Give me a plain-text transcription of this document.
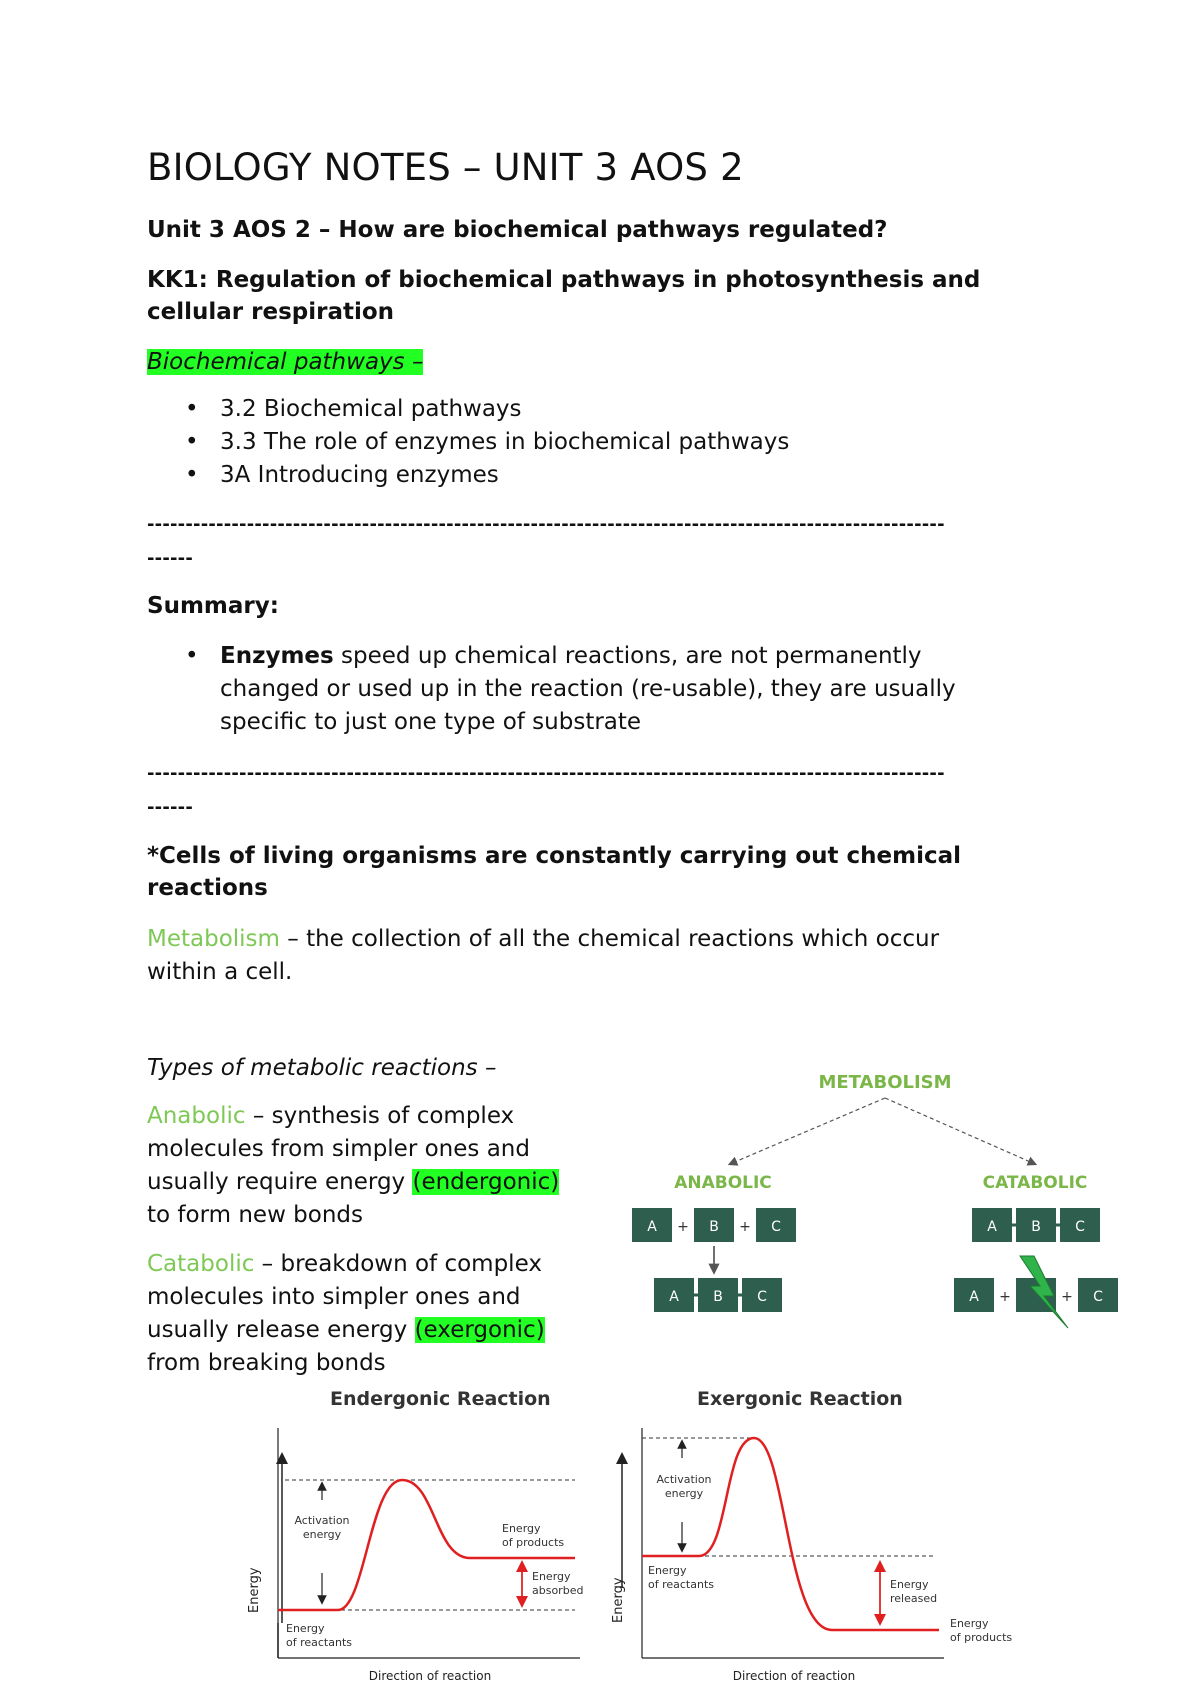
BIOLOGY NOTES – UNIT 3 AOS 2
Unit 3 AOS 2 – How are biochemical pathways regulated?
KK1: Regulation of biochemical pathways in photosynthesis and
cellular respiration
Biochemical pathways –
• 3.2 Biochemical pathways
• 3.3 The role of enzymes in biochemical pathways
• 3A Introducing enzymes
--------------------------------------------------------------------------------------------------------
------
Summary:
• Enzymes speed up chemical reactions, are not permanently
changed or used up in the reaction (re-usable), they are usually
specific to just one type of substrate
--------------------------------------------------------------------------------------------------------
------
*Cells of living organisms are constantly carrying out chemical
reactions
Metabolism – the collection of all the chemical reactions which occur
within a cell.
Types of metabolic reactions –
Anabolic – synthesis of complex
molecules from simpler ones and
usually require energy (endergonic)
to form new bonds
Catabolic – breakdown of complex
molecules into simpler ones and
usually release energy (exergonic)
from breaking bonds
METABOLISM
ANABOLIC	CATABOLIC
A + B + C
A B C
A B C
A +	+ C
Endergonic Reaction
Energy
Direction of reaction
Activation
energy	Energy
of products
Energy
absorbed
Energy
of reactants
Exergonic Reaction
Energy
Direction of reaction
Activation
energy
Energy
of reactants	Energy
released
Energy
of products
